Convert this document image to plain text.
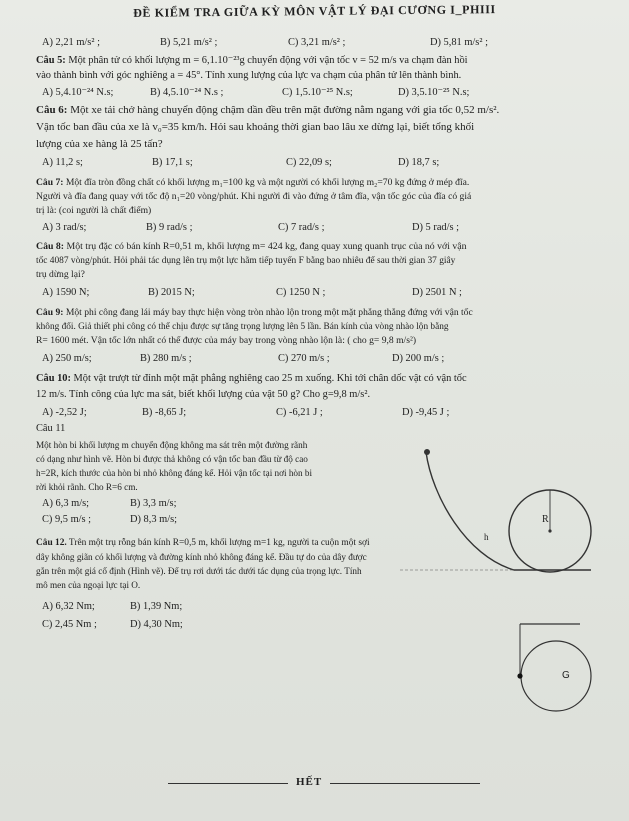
ĐỀ KIỂM TRA GIỮA KỲ MÔN VẬT LÝ ĐẠI CƯƠNG I_PHIII
A) 2,21 m/s² ;	B) 5,21 m/s² ;	C) 3,21 m/s² ;	D) 5,81 m/s² ;
Câu 5: Một phân tử có khối lượng m = 6,1.10⁻²³g chuyển động với vận tốc v = 52 m/s va chạm đàn hồi
vào thành bình với góc nghiêng a = 45°. Tính xung lượng của lực va chạm của phân tử lên thành bình.
A) 5,4.10⁻²⁴ N.s;	B) 4,5.10⁻²⁴ N.s ;	C) 1,5.10⁻²⁵ N.s;	D) 3,5.10⁻²⁵ N.s;
Câu 6: Một xe tải chở hàng chuyển động chậm dần đều trên mặt đường nằm ngang với gia tốc 0,52 m/s².
Vận tốc ban đầu của xe là v₀=35 km/h. Hỏi sau khoảng thời gian bao lâu xe dừng lại, biết tổng khối
lượng của xe hàng là 25 tấn?
A) 11,2 s;	B) 17,1 s;	C) 22,09 s;	D) 18,7 s;
Câu 7: Một đĩa tròn đồng chất có khối lượng m₁=100 kg và một người có khối lượng m₂=70 kg đứng ở mép đĩa.
Người và đĩa đang quay với tốc độ n₁=20 vòng/phút. Khi người đi vào đứng ở tâm đĩa, vận tốc góc của đĩa có giá
trị là: (coi người là chất điểm)
A) 3 rad/s;	B) 9 rad/s ;	C) 7 rad/s ;	D) 5 rad/s ;
Câu 8: Một trụ đặc có bán kính R=0,51 m, khối lượng m= 424 kg, đang quay xung quanh trục của nó với vận
tốc 4087 vòng/phút. Hỏi phải tác dụng lên trụ một lực hãm tiếp tuyến F bằng bao nhiêu để sau thời gian 37 giây
trụ dừng lại?
A) 1590 N;	B) 2015 N;	C) 1250 N ;	D) 2501 N ;
Câu 9: Một phi công đang lái máy bay thực hiện vòng tròn nhào lộn trong một mặt phẳng thẳng đứng với vận tốc
không đổi. Giả thiết phi công có thể chịu được sự tăng trọng lượng lên 5 lần. Bán kính của vòng nhào lộn bằng
R= 1600 mét. Vận tốc lớn nhất có thể được của máy bay trong vòng nhào lộn là: ( cho g= 9,8 m/s²)
A) 250 m/s;	B) 280 m/s ;	C) 270 m/s ;	D) 200 m/s ;
Câu 10: Một vật trượt từ đỉnh một mặt phẳng nghiêng cao 25 m xuống. Khi tới chân dốc vật có vận tốc
12 m/s. Tính công của lực ma sát, biết khối lượng của vật 50 g? Cho g=9,8 m/s².
A) -2,52 J;	B) -8,65 J;	C) -6,21 J ;	D) -9,45 J ;
Câu 11
Một hòn bi khối lượng m chuyển động không ma sát trên một đường rãnh
có dạng như hình vẽ. Hòn bi được thả không có vận tốc ban đầu từ độ cao
h=2R, kích thước của hòn bi nhỏ không đáng kể. Hỏi vận tốc tại nơi hòn bi
rời khỏi rãnh. Cho R=6 cm.
A) 6,3 m/s;	B) 3,3 m/s;
C) 9,5 m/s ;	D) 8,3 m/s;	R
h
Câu 12. Trên một trụ rỗng bán kính R=0,5 m, khối lượng m=1 kg, người ta cuộn một sợi
dây không giãn có khối lượng và đường kính nhỏ không đáng kể. Đầu tự do của dây được
gắn trên một giá cố định (Hình vẽ). Để trụ rơi dưới tác dưới tác dụng của trọng lực. Tính
mô men của ngoại lực tại O.
A) 6,32 Nm;	B) 1,39 Nm;
C) 2,45 Nm ;	D) 4,30 Nm;
G
HẾT
